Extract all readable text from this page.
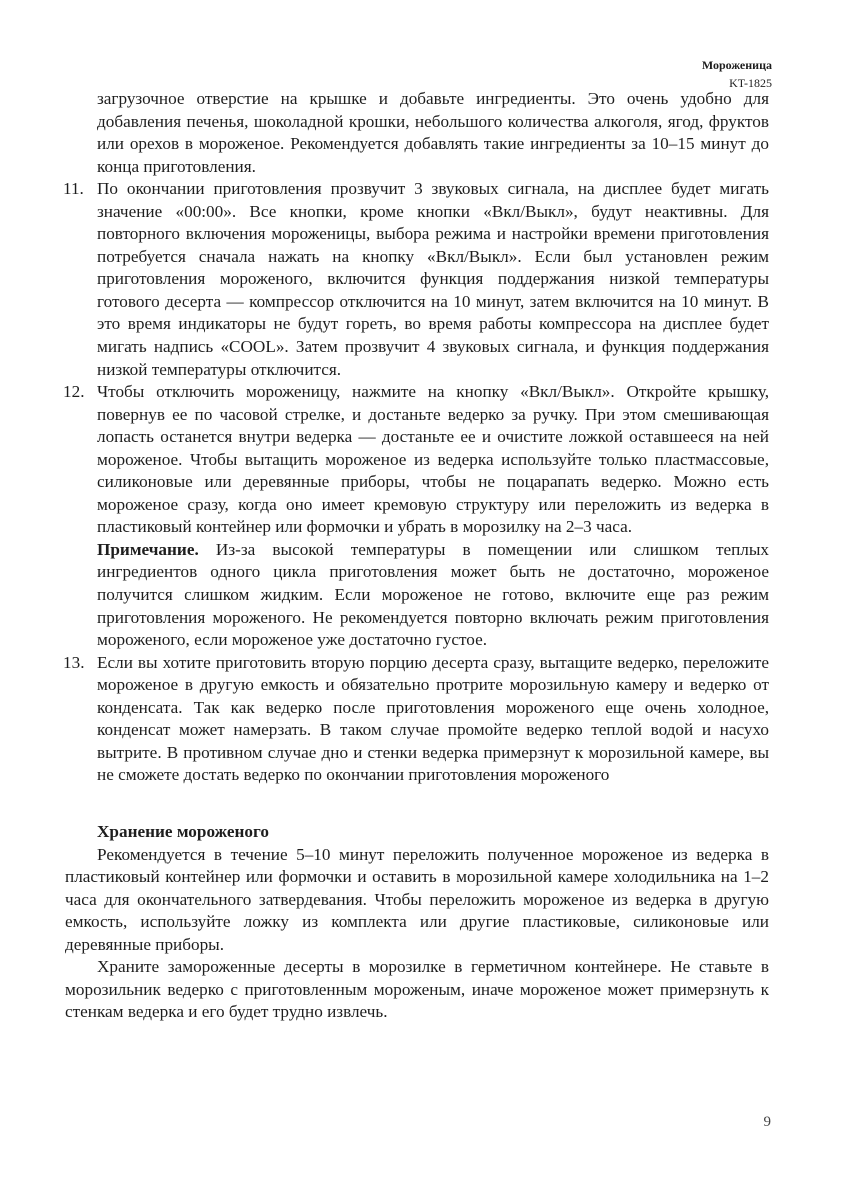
Мороженица
KT-1825

загрузочное отверстие на крышке и добавьте ингредиенты. Это очень удобно для добавления печенья, шоколадной крошки, небольшого количества алкоголя, ягод, фруктов или орехов в мороженое. Рекомендуется добавлять такие ингредиенты за 10–15 минут до конца приготовления.

11. По окончании приготовления прозвучит 3 звуковых сигнала, на дисплее будет мигать значение «00:00». Все кнопки, кроме кнопки «Вкл/Выкл», будут неактивны. Для повторного включения мороженицы, выбора режима и настройки времени приготовления потребуется сначала нажать на кнопку «Вкл/Выкл». Если был установлен режим приготовления мороженого, включится функция поддержания низкой температуры готового десерта — компрессор отключится на 10 минут, затем включится на 10 минут. В это время индикаторы не будут гореть, во время работы компрессора на дисплее будет мигать надпись «COOL». Затем прозвучит 4 звуковых сигнала, и функция поддержания низкой температуры отключится.

12. Чтобы отключить мороженицу, нажмите на кнопку «Вкл/Выкл». Откройте крышку, повернув ее по часовой стрелке, и достаньте ведерко за ручку. При этом смешивающая лопасть останется внутри ведерка — достаньте ее и очистите ложкой оставшееся на ней мороженое. Чтобы вытащить мороженое из ведерка используйте только пластмассовые, силиконовые или деревянные приборы, чтобы не поцарапать ведерко. Можно есть мороженое сразу, когда оно имеет кремовую структуру или переложить из ведерка в пластиковый контейнер или формочки и убрать в морозилку на 2–3 часа.

Примечание. Из-за высокой температуры в помещении или слишком теплых ингредиентов одного цикла приготовления может быть не достаточно, мороженое получится слишком жидким. Если мороженое не готово, включите еще раз режим приготовления мороженого. Не рекомендуется повторно включать режим приготовления мороженого, если мороженое уже достаточно густое.

13. Если вы хотите приготовить вторую порцию десерта сразу, вытащите ведерко, переложите мороженое в другую емкость и обязательно протрите морозильную камеру и ведерко от конденсата. Так как ведерко после приготовления мороженого еще очень холодное, конденсат может намерзать. В таком случае промойте ведерко теплой водой и насухо вытрите. В противном случае дно и стенки ведерка примерзнут к морозильной камере, вы не сможете достать ведерко по окончании приготовления мороженого

Хранение мороженого

Рекомендуется в течение 5–10 минут переложить полученное мороженое из ведерка в пластиковый контейнер или формочки и оставить в морозильной камере холодильника на 1–2 часа для окончательного затвердевания. Чтобы переложить мороженое из ведерка в другую емкость, используйте ложку из комплекта или другие пластиковые, силиконовые или деревянные приборы.

Храните замороженные десерты в морозилке в герметичном контейнере. Не ставьте в морозильник ведерко с приготовленным мороженым, иначе мороженое может примерзнуть к стенкам ведерка и его будет трудно извлечь.

9
